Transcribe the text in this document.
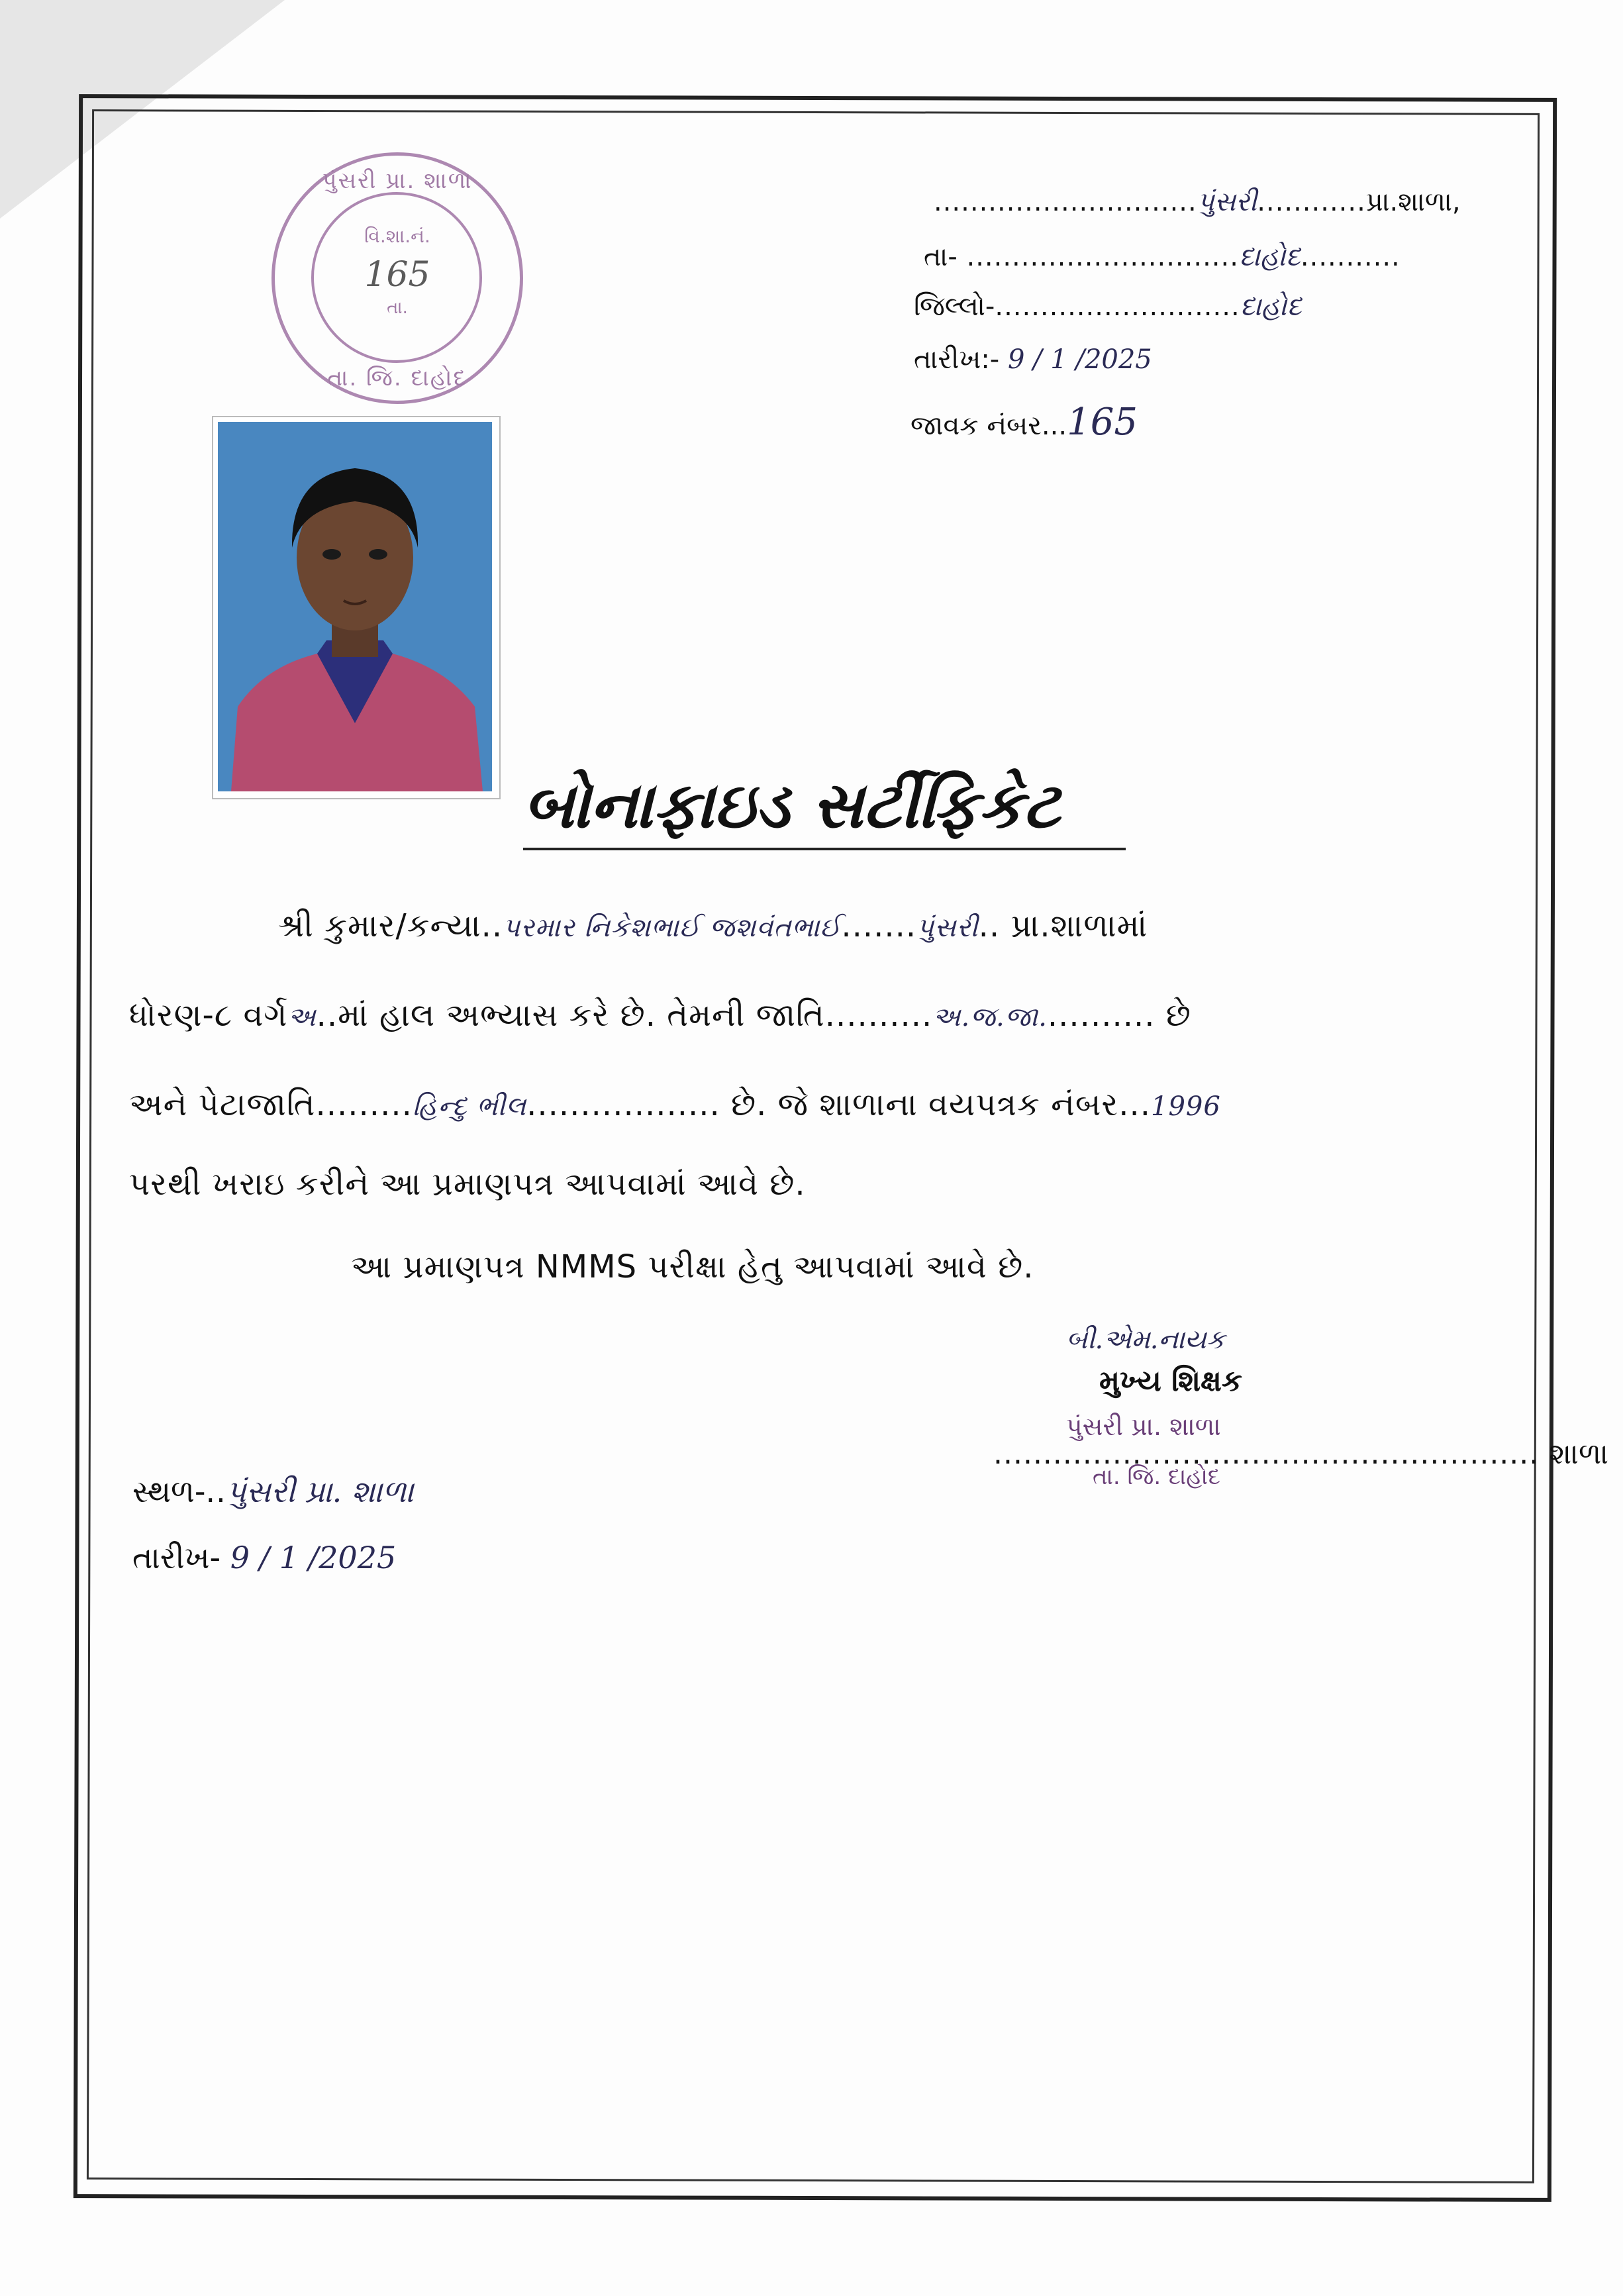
પુંસરી પ્રા. શાળા
વિ.શા.નં.
165
તા.
તા. જિ. દાહોદ
.............................પુંસરી............પ્રા.શાળા,
તા- ..............................દાહોદ...........
જિલ્લો-...........................દાહોદ
તારીખ:- 9 / 1 /2025
જાવક નંબર...165
બોનાફાઇડ સર્ટીફિકેટ
શ્રી કુમાર/કન્યા..પરમાર નિકેશભાઈ જશવંતભાઈ.......પુંસરી.. પ્રા.શાળામાં
ધોરણ-૮ વર્ગઅ..માં હાલ અભ્યાસ કરે છે. તેમની જાતિ..........અ.જ.જા........... છે
અને પેટાજાતિ.........હિન્દુ ભીલ.................. છે. જે શાળાના વયપત્રક નંબર...1996
પરથી ખરાઇ કરીને આ પ્રમાણપત્ર આપવામાં આવે છે.
આ પ્રમાણપત્ર NMMS પરીક્ષા હેતુ આપવામાં આવે છે.
બી.એમ.નાયક
મુખ્ય શિક્ષક
પુંસરી પ્રા. શાળા
....................................................... શાળા
તા. જિ. દાહોદ
સ્થળ-..પુંસરી પ્રા. શાળા
તારીખ- 9 / 1 /2025
